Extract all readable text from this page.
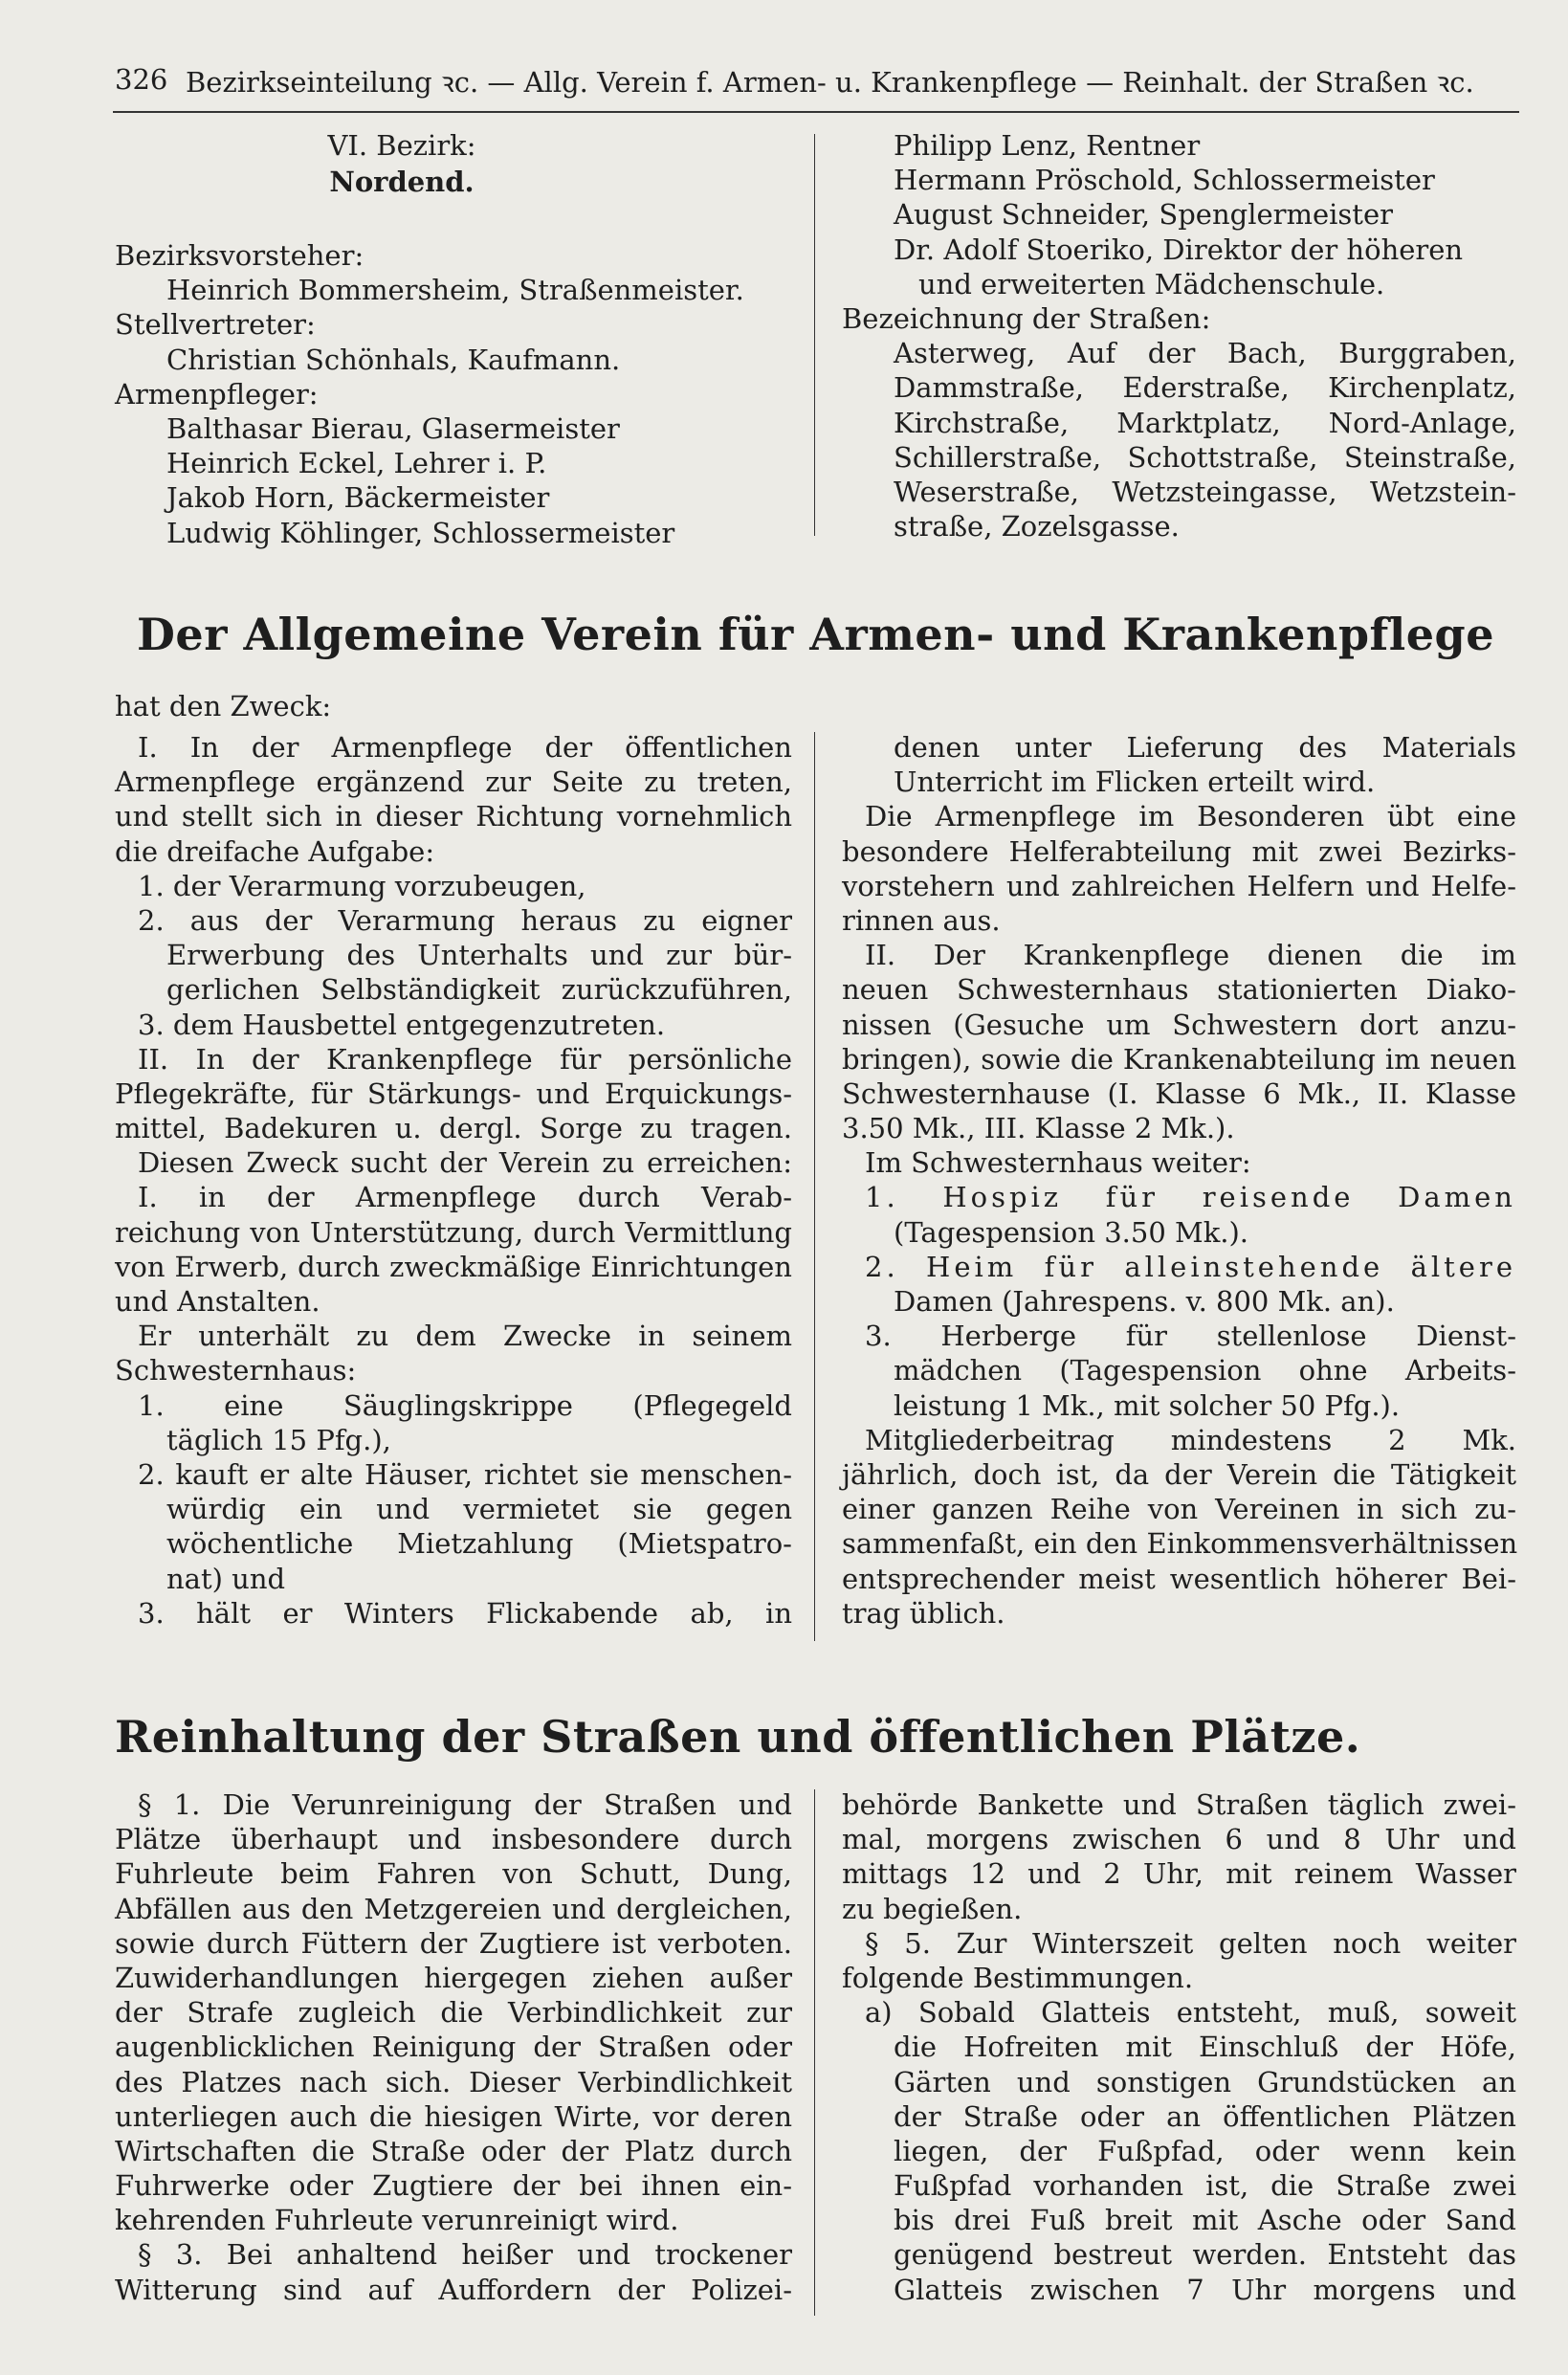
326 Bezirkseinteilung ꝛc. — Allg. Verein f. Armen- u. Krankenpflege — Reinhalt. der Straßen ꝛc.
VI. Bezirk:
Nordend.
Bezirksvorsteher:
Heinrich Bommersheim, Straßenmeister.
Stellvertreter:
Christian Schönhals, Kaufmann.
Armenpfleger:
Balthasar Bierau, Glasermeister
Heinrich Eckel, Lehrer i. P.
Jakob Horn, Bäckermeister
Ludwig Köhlinger, Schlossermeister
Philipp Lenz, Rentner
Hermann Pröschold, Schlossermeister
August Schneider, Spenglermeister
Dr. Adolf Stoeriko, Direktor der höheren
und erweiterten Mädchenschule.
Bezeichnung der Straßen:
Asterweg, Auf der Bach, Burggraben,
Dammstraße, Ederstraße, Kirchenplatz,
Kirchstraße, Marktplatz, Nord-Anlage,
Schillerstraße, Schottstraße, Steinstraße,
Weserstraße, Wetzsteingasse, Wetzstein-
straße, Zozelsgasse.
Der Allgemeine Verein für Armen- und Krankenpflege
hat den Zweck:
I. In der Armenpflege der öffentlichen
Armenpflege ergänzend zur Seite zu treten,
und stellt sich in dieser Richtung vornehmlich
die dreifache Aufgabe:
1. der Verarmung vorzubeugen,
2. aus der Verarmung heraus zu eigner
Erwerbung des Unterhalts und zur bür-
gerlichen Selbständigkeit zurückzuführen,
3. dem Hausbettel entgegenzutreten.
II. In der Krankenpflege für persönliche
Pflegekräfte, für Stärkungs- und Erquickungs-
mittel, Badekuren u. dergl. Sorge zu tragen.
Diesen Zweck sucht der Verein zu erreichen:
I. in der Armenpflege durch Verab-
reichung von Unterstützung, durch Vermittlung
von Erwerb, durch zweckmäßige Einrichtungen
und Anstalten.
Er unterhält zu dem Zwecke in seinem
Schwesternhaus:
1. eine Säuglingskrippe (Pflegegeld
täglich 15 Pfg.),
2. kauft er alte Häuser, richtet sie menschen-
würdig ein und vermietet sie gegen
wöchentliche Mietzahlung (Mietspatro-
nat) und
3. hält er Winters Flickabende ab, in
denen unter Lieferung des Materials
Unterricht im Flicken erteilt wird.
Die Armenpflege im Besonderen übt eine
besondere Helferabteilung mit zwei Bezirks-
vorstehern und zahlreichen Helfern und Helfe-
rinnen aus.
II. Der Krankenpflege dienen die im
neuen Schwesternhaus stationierten Diako-
nissen (Gesuche um Schwestern dort anzu-
bringen), sowie die Krankenabteilung im neuen
Schwesternhause (I. Klasse 6 Mk., II. Klasse
3.50 Mk., III. Klasse 2 Mk.).
Im Schwesternhaus weiter:
1. Hospiz für reisende Damen
(Tagespension 3.50 Mk.).
2. Heim für alleinstehende ältere
Damen (Jahrespens. v. 800 Mk. an).
3. Herberge für stellenlose Dienst-
mädchen (Tagespension ohne Arbeits-
leistung 1 Mk., mit solcher 50 Pfg.).
Mitgliederbeitrag mindestens 2 Mk.
jährlich, doch ist, da der Verein die Tätigkeit
einer ganzen Reihe von Vereinen in sich zu-
sammenfaßt, ein den Einkommensverhältnissen
entsprechender meist wesentlich höherer Bei-
trag üblich.
Reinhaltung der Straßen und öffentlichen Plätze.
§ 1. Die Verunreinigung der Straßen und
Plätze überhaupt und insbesondere durch
Fuhrleute beim Fahren von Schutt, Dung,
Abfällen aus den Metzgereien und dergleichen,
sowie durch Füttern der Zugtiere ist verboten.
Zuwiderhandlungen hiergegen ziehen außer
der Strafe zugleich die Verbindlichkeit zur
augenblicklichen Reinigung der Straßen oder
des Platzes nach sich. Dieser Verbindlichkeit
unterliegen auch die hiesigen Wirte, vor deren
Wirtschaften die Straße oder der Platz durch
Fuhrwerke oder Zugtiere der bei ihnen ein-
kehrenden Fuhrleute verunreinigt wird.
§ 3. Bei anhaltend heißer und trockener
Witterung sind auf Auffordern der Polizei-
behörde Bankette und Straßen täglich zwei-
mal, morgens zwischen 6 und 8 Uhr und
mittags 12 und 2 Uhr, mit reinem Wasser
zu begießen.
§ 5. Zur Winterszeit gelten noch weiter
folgende Bestimmungen.
a) Sobald Glatteis entsteht, muß, soweit
die Hofreiten mit Einschluß der Höfe,
Gärten und sonstigen Grundstücken an
der Straße oder an öffentlichen Plätzen
liegen, der Fußpfad, oder wenn kein
Fußpfad vorhanden ist, die Straße zwei
bis drei Fuß breit mit Asche oder Sand
genügend bestreut werden. Entsteht das
Glatteis zwischen 7 Uhr morgens und
